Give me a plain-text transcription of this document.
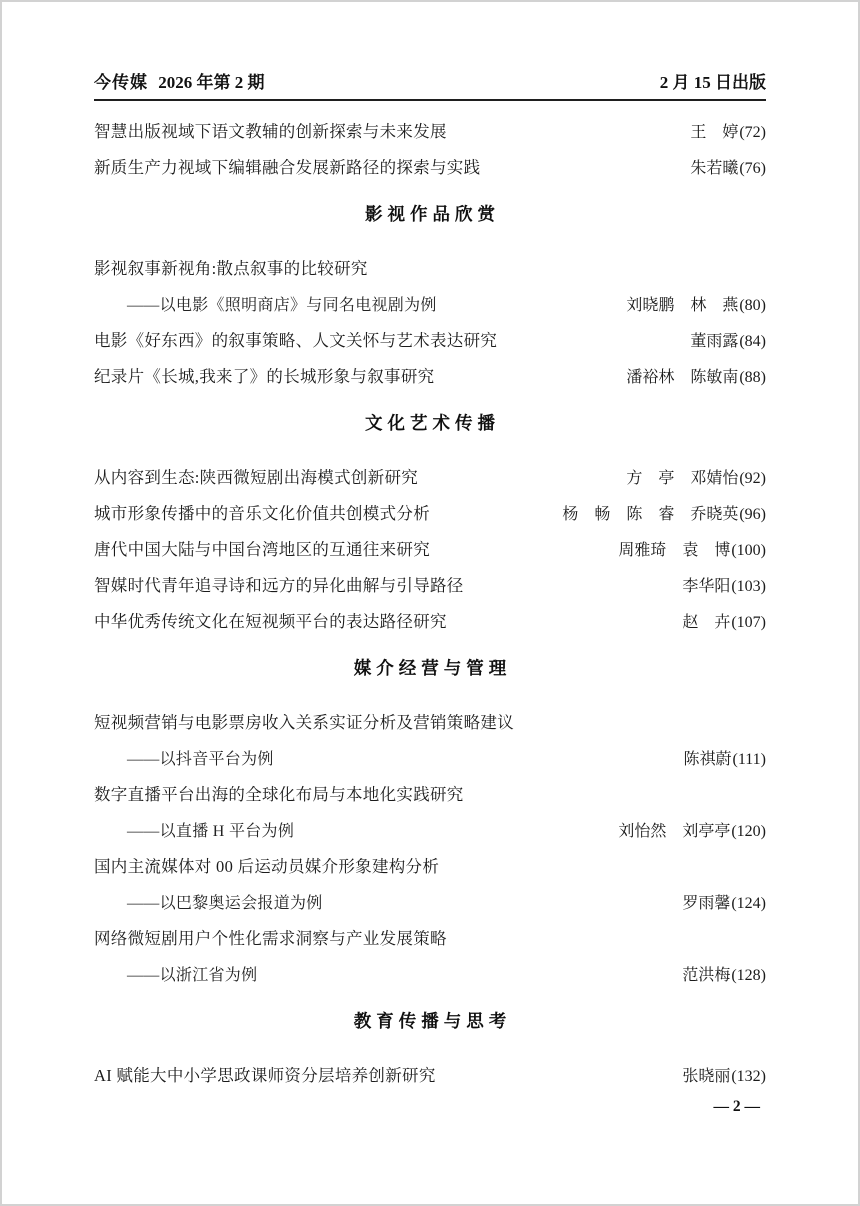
今传媒 2026 年第 2 期	2 月 15 日出版
智慧出版视域下语文教辅的创新探索与未来发展	王　婷(72)
新质生产力视域下编辑融合发展新路径的探索与实践	朱若曦(76)
影视作品欣赏
影视叙事新视角:散点叙事的比较研究
——以电影《照明商店》与同名电视剧为例	刘晓鹏　林　燕(80)
电影《好东西》的叙事策略、人文关怀与艺术表达研究	董雨露(84)
纪录片《长城,我来了》的长城形象与叙事研究	潘裕林　陈敏南(88)
文化艺术传播
从内容到生态:陕西微短剧出海模式创新研究	方　亭　邓婧怡(92)
城市形象传播中的音乐文化价值共创模式分析	杨　畅　陈　睿　乔晓英(96)
唐代中国大陆与中国台湾地区的互通往来研究	周雅琦　袁　博(100)
智媒时代青年追寻诗和远方的异化曲解与引导路径	李华阳(103)
中华优秀传统文化在短视频平台的表达路径研究	赵　卉(107)
媒介经营与管理
短视频营销与电影票房收入关系实证分析及营销策略建议
——以抖音平台为例	陈祺蔚(111)
数字直播平台出海的全球化布局与本地化实践研究
——以直播 H 平台为例	刘怡然　刘亭亭(120)
国内主流媒体对 00 后运动员媒介形象建构分析
——以巴黎奥运会报道为例	罗雨馨(124)
网络微短剧用户个性化需求洞察与产业发展策略
——以浙江省为例	范洪梅(128)
教育传播与思考
AI 赋能大中小学思政课师资分层培养创新研究	张晓丽(132)
— 2 —
